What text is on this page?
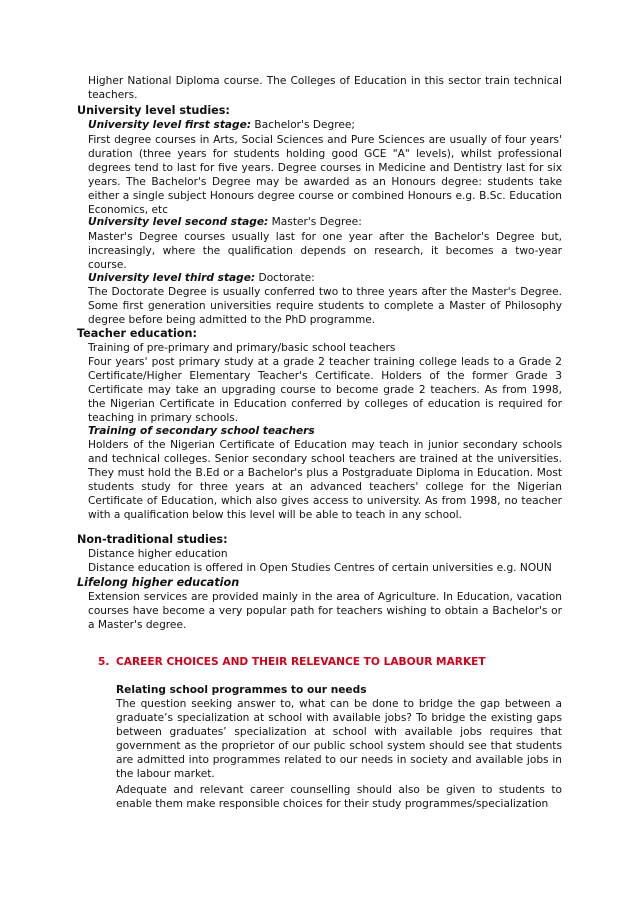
Higher National Diploma course. The Colleges of Education in this sector train technical teachers.

University level studies:

University level first stage: Bachelor's Degree;

First degree courses in Arts, Social Sciences and Pure Sciences are usually of four years' duration (three years for students holding good GCE "A" levels), whilst professional degrees tend to last for five years. Degree courses in Medicine and Dentistry last for six years. The Bachelor's Degree may be awarded as an Honours degree: students take either a single subject Honours degree course or combined Honours e.g. B.Sc. Education Economics, etc

University level second stage: Master's Degree:

Master's Degree courses usually last for one year after the Bachelor's Degree but, increasingly, where the qualification depends on research, it becomes a two-year course.

University level third stage: Doctorate:

The Doctorate Degree is usually conferred two to three years after the Master's Degree. Some first generation universities require students to complete a Master of Philosophy degree before being admitted to the PhD programme.

Teacher education:

Training of pre-primary and primary/basic school teachers

Four years' post primary study at a grade 2 teacher training college leads to a Grade 2 Certificate/Higher Elementary Teacher's Certificate. Holders of the former Grade 3 Certificate may take an upgrading course to become grade 2 teachers. As from 1998, the Nigerian Certificate in Education conferred by colleges of education is required for teaching in primary schools.

Training of secondary school teachers

Holders of the Nigerian Certificate of Education may teach in junior secondary schools and technical colleges. Senior secondary school teachers are trained at the universities. They must hold the B.Ed or a Bachelor's plus a Postgraduate Diploma in Education. Most students study for three years at an advanced teachers' college for the Nigerian Certificate of Education, which also gives access to university. As from 1998, no teacher with a qualification below this level will be able to teach in any school.

Non-traditional studies:

Distance higher education

Distance education is offered in Open Studies Centres of certain universities e.g. NOUN

Lifelong higher education

Extension services are provided mainly in the area of Agriculture. In Education, vacation courses have become a very popular path for teachers wishing to obtain a Bachelor's or a Master's degree.

5. CAREER CHOICES AND THEIR RELEVANCE TO LABOUR MARKET

Relating school programmes to our needs

The question seeking answer to, what can be done to bridge the gap between a graduate’s specialization at school with available jobs? To bridge the existing gaps between graduates’ specialization at school with available jobs requires that government as the proprietor of our public school system should see that students are admitted into programmes related to our needs in society and available jobs in the labour market.

Adequate and relevant career counselling should also be given to students to enable them make responsible choices for their study programmes/specialization
